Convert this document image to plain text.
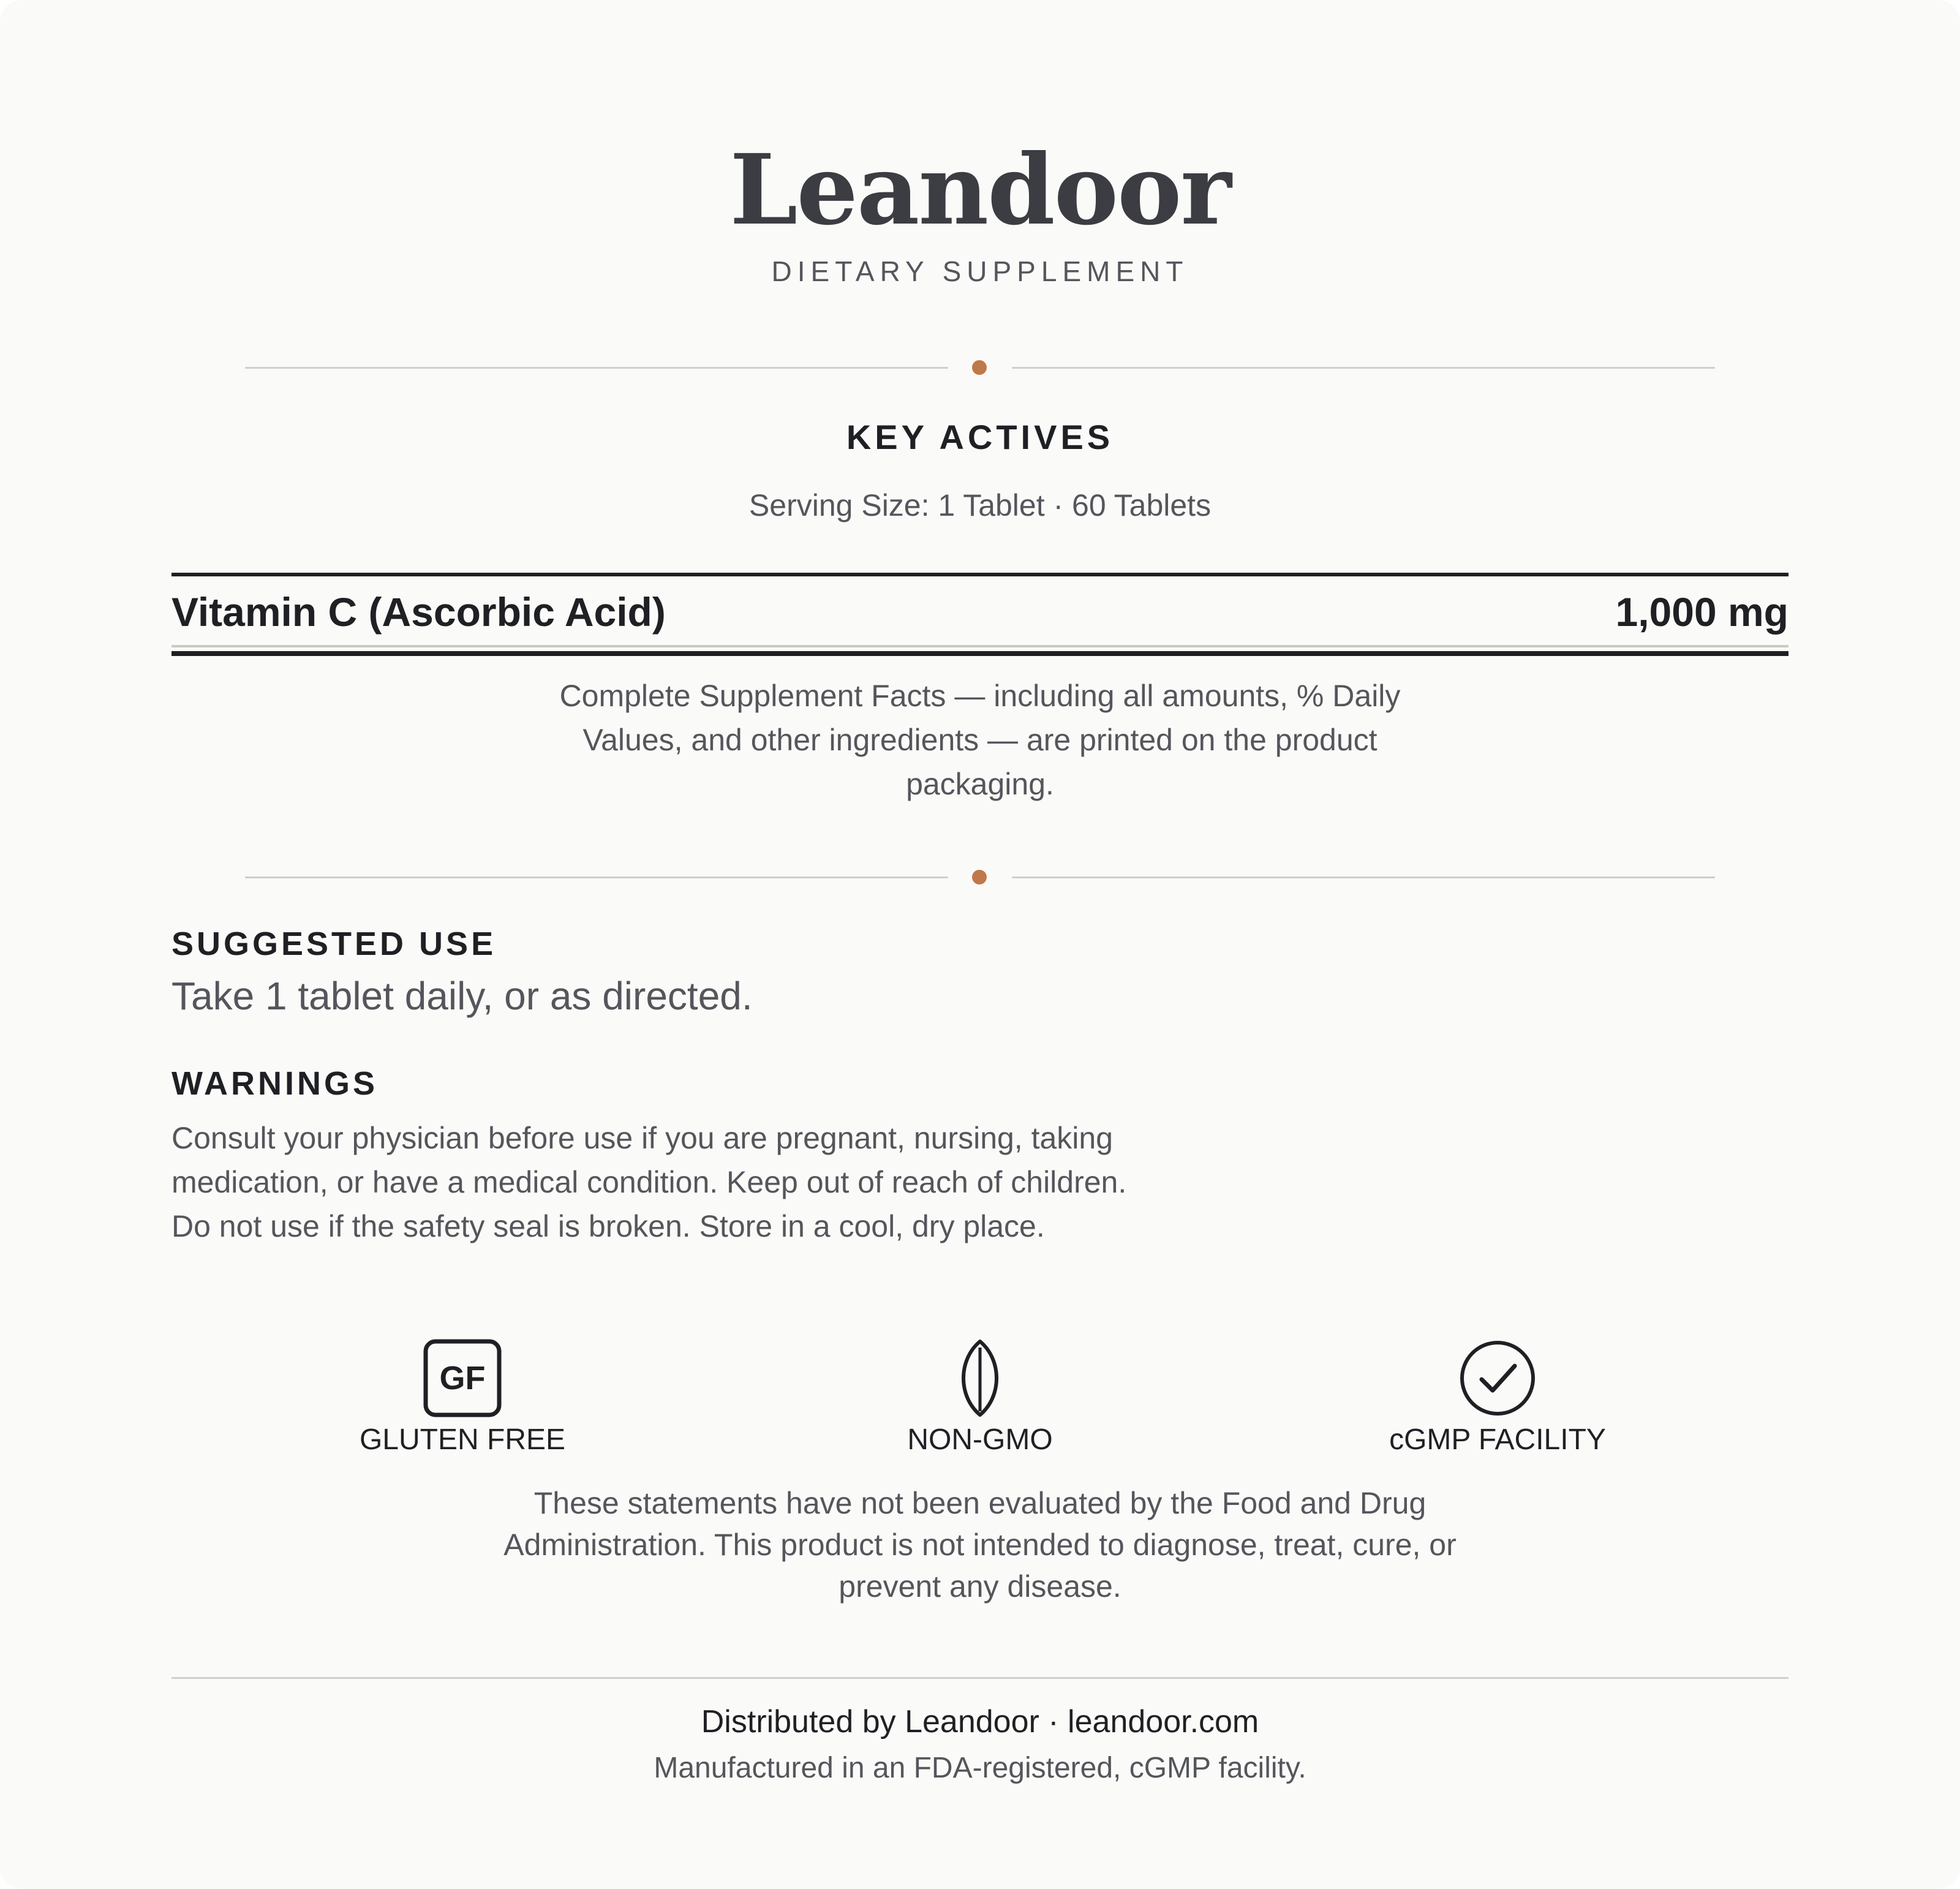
Leandoor
DIETARY SUPPLEMENT
KEY ACTIVES
Serving Size: 1 Tablet · 60 Tablets
Vitamin C (Ascorbic Acid)	1,000 mg
Complete Supplement Facts — including all amounts, % Daily Values, and other ingredients — are printed on the product packaging.
SUGGESTED USE
Take 1 tablet daily, or as directed.
WARNINGS
Consult your physician before use if you are pregnant, nursing, taking medication, or have a medical condition. Keep out of reach of children. Do not use if the safety seal is broken. Store in a cool, dry place.
GF
GLUTEN FREE	NON-GMO	cGMP FACILITY
These statements have not been evaluated by the Food and Drug Administration. This product is not intended to diagnose, treat, cure, or prevent any disease.
Distributed by Leandoor · leandoor.com
Manufactured in an FDA-registered, cGMP facility.
